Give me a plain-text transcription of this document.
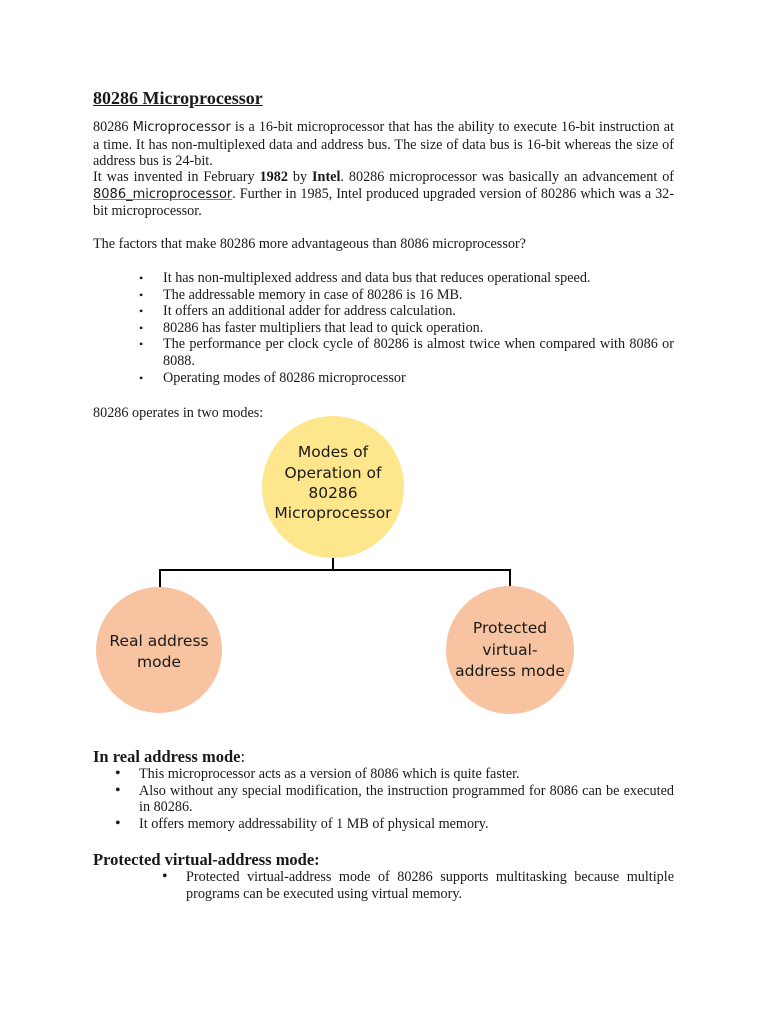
80286 Microprocessor

80286 Microprocessor is a 16-bit microprocessor that has the ability to execute 16-bit instruction at a time. It has non-multiplexed data and address bus. The size of data bus is 16-bit whereas the size of address bus is 24-bit.

It was invented in February 1982 by Intel. 80286 microprocessor was basically an advancement of 8086_microprocessor. Further in 1985, Intel produced upgraded version of 80286 which was a 32-bit microprocessor.

The factors that make 80286 more advantageous than 8086 microprocessor?

• It has non-multiplexed address and data bus that reduces operational speed.
• The addressable memory in case of 80286 is 16 MB.
• It offers an additional adder for address calculation.
• 80286 has faster multipliers that lead to quick operation.
• The performance per clock cycle of 80286 is almost twice when compared with 8086 or 8088.
• Operating modes of 80286 microprocessor

80286 operates in two modes:

Modes of
Operation of
80286
Microprocessor
Real address
mode
Protected
virtual-
address mode

In real address mode:

• This microprocessor acts as a version of 8086 which is quite faster.
• Also without any special modification, the instruction programmed for 8086 can be executed in 80286.
• It offers memory addressability of 1 MB of physical memory.

Protected virtual-address mode:

• Protected virtual-address mode of 80286 supports multitasking because multiple programs can be executed using virtual memory.
